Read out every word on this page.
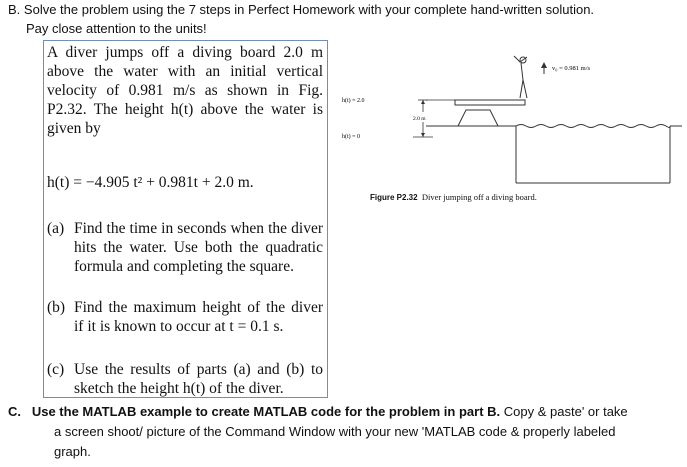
B. Solve the problem using the 7 steps in Perfect Homework with your complete hand-written solution.
Pay close attention to the units!
A diver jumps off a diving board 2.0 m above the water with an initial vertical velocity of 0.981 m/s as shown in Fig. P2.32. The height h(t) above the water is given by
h(t) = −4.905 t² + 0.981t + 2.0 m.
(a) Find the time in seconds when the diver hits the water. Use both the quadratic formula and completing the square.
(b) Find the maximum height of the diver if it is known to occur at t = 0.1 s.
(c) Use the results of parts (a) and (b) to sketch the height h(t) of the diver.
v₀ = 0.981 m/s
h(t) = 2.0
h(t) = 0
2.0 m
Figure P2.32 Diver jumping off a diving board.
C. Use the MATLAB example to create MATLAB code for the problem in part B. Copy & paste' or take
a screen shoot/ picture of the Command Window with your new 'MATLAB code & properly labeled
graph.
